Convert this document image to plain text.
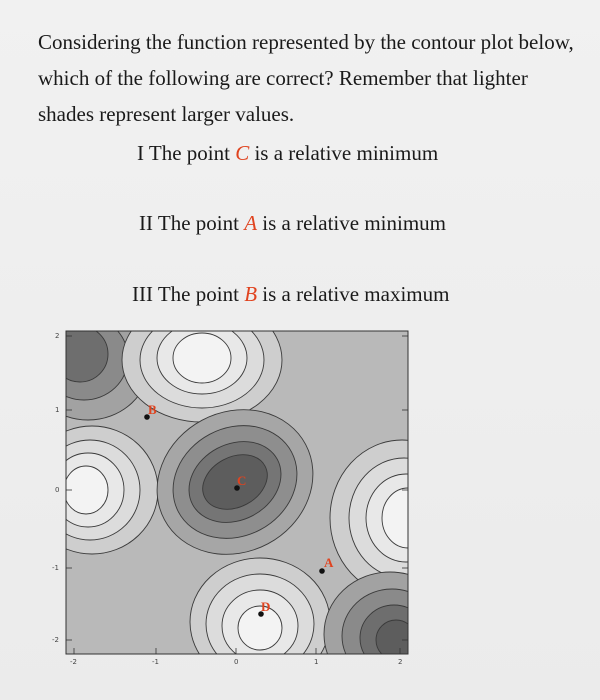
Considering the function represented by the contour plot below, which of the following are correct? Remember that lighter shades represent larger values.
I The point C is a relative minimum
II The point A is a relative minimum
III The point B is a relative maximum
2
1
0
-1
-2
-2	-1	0	1	2
B
C
A
D
